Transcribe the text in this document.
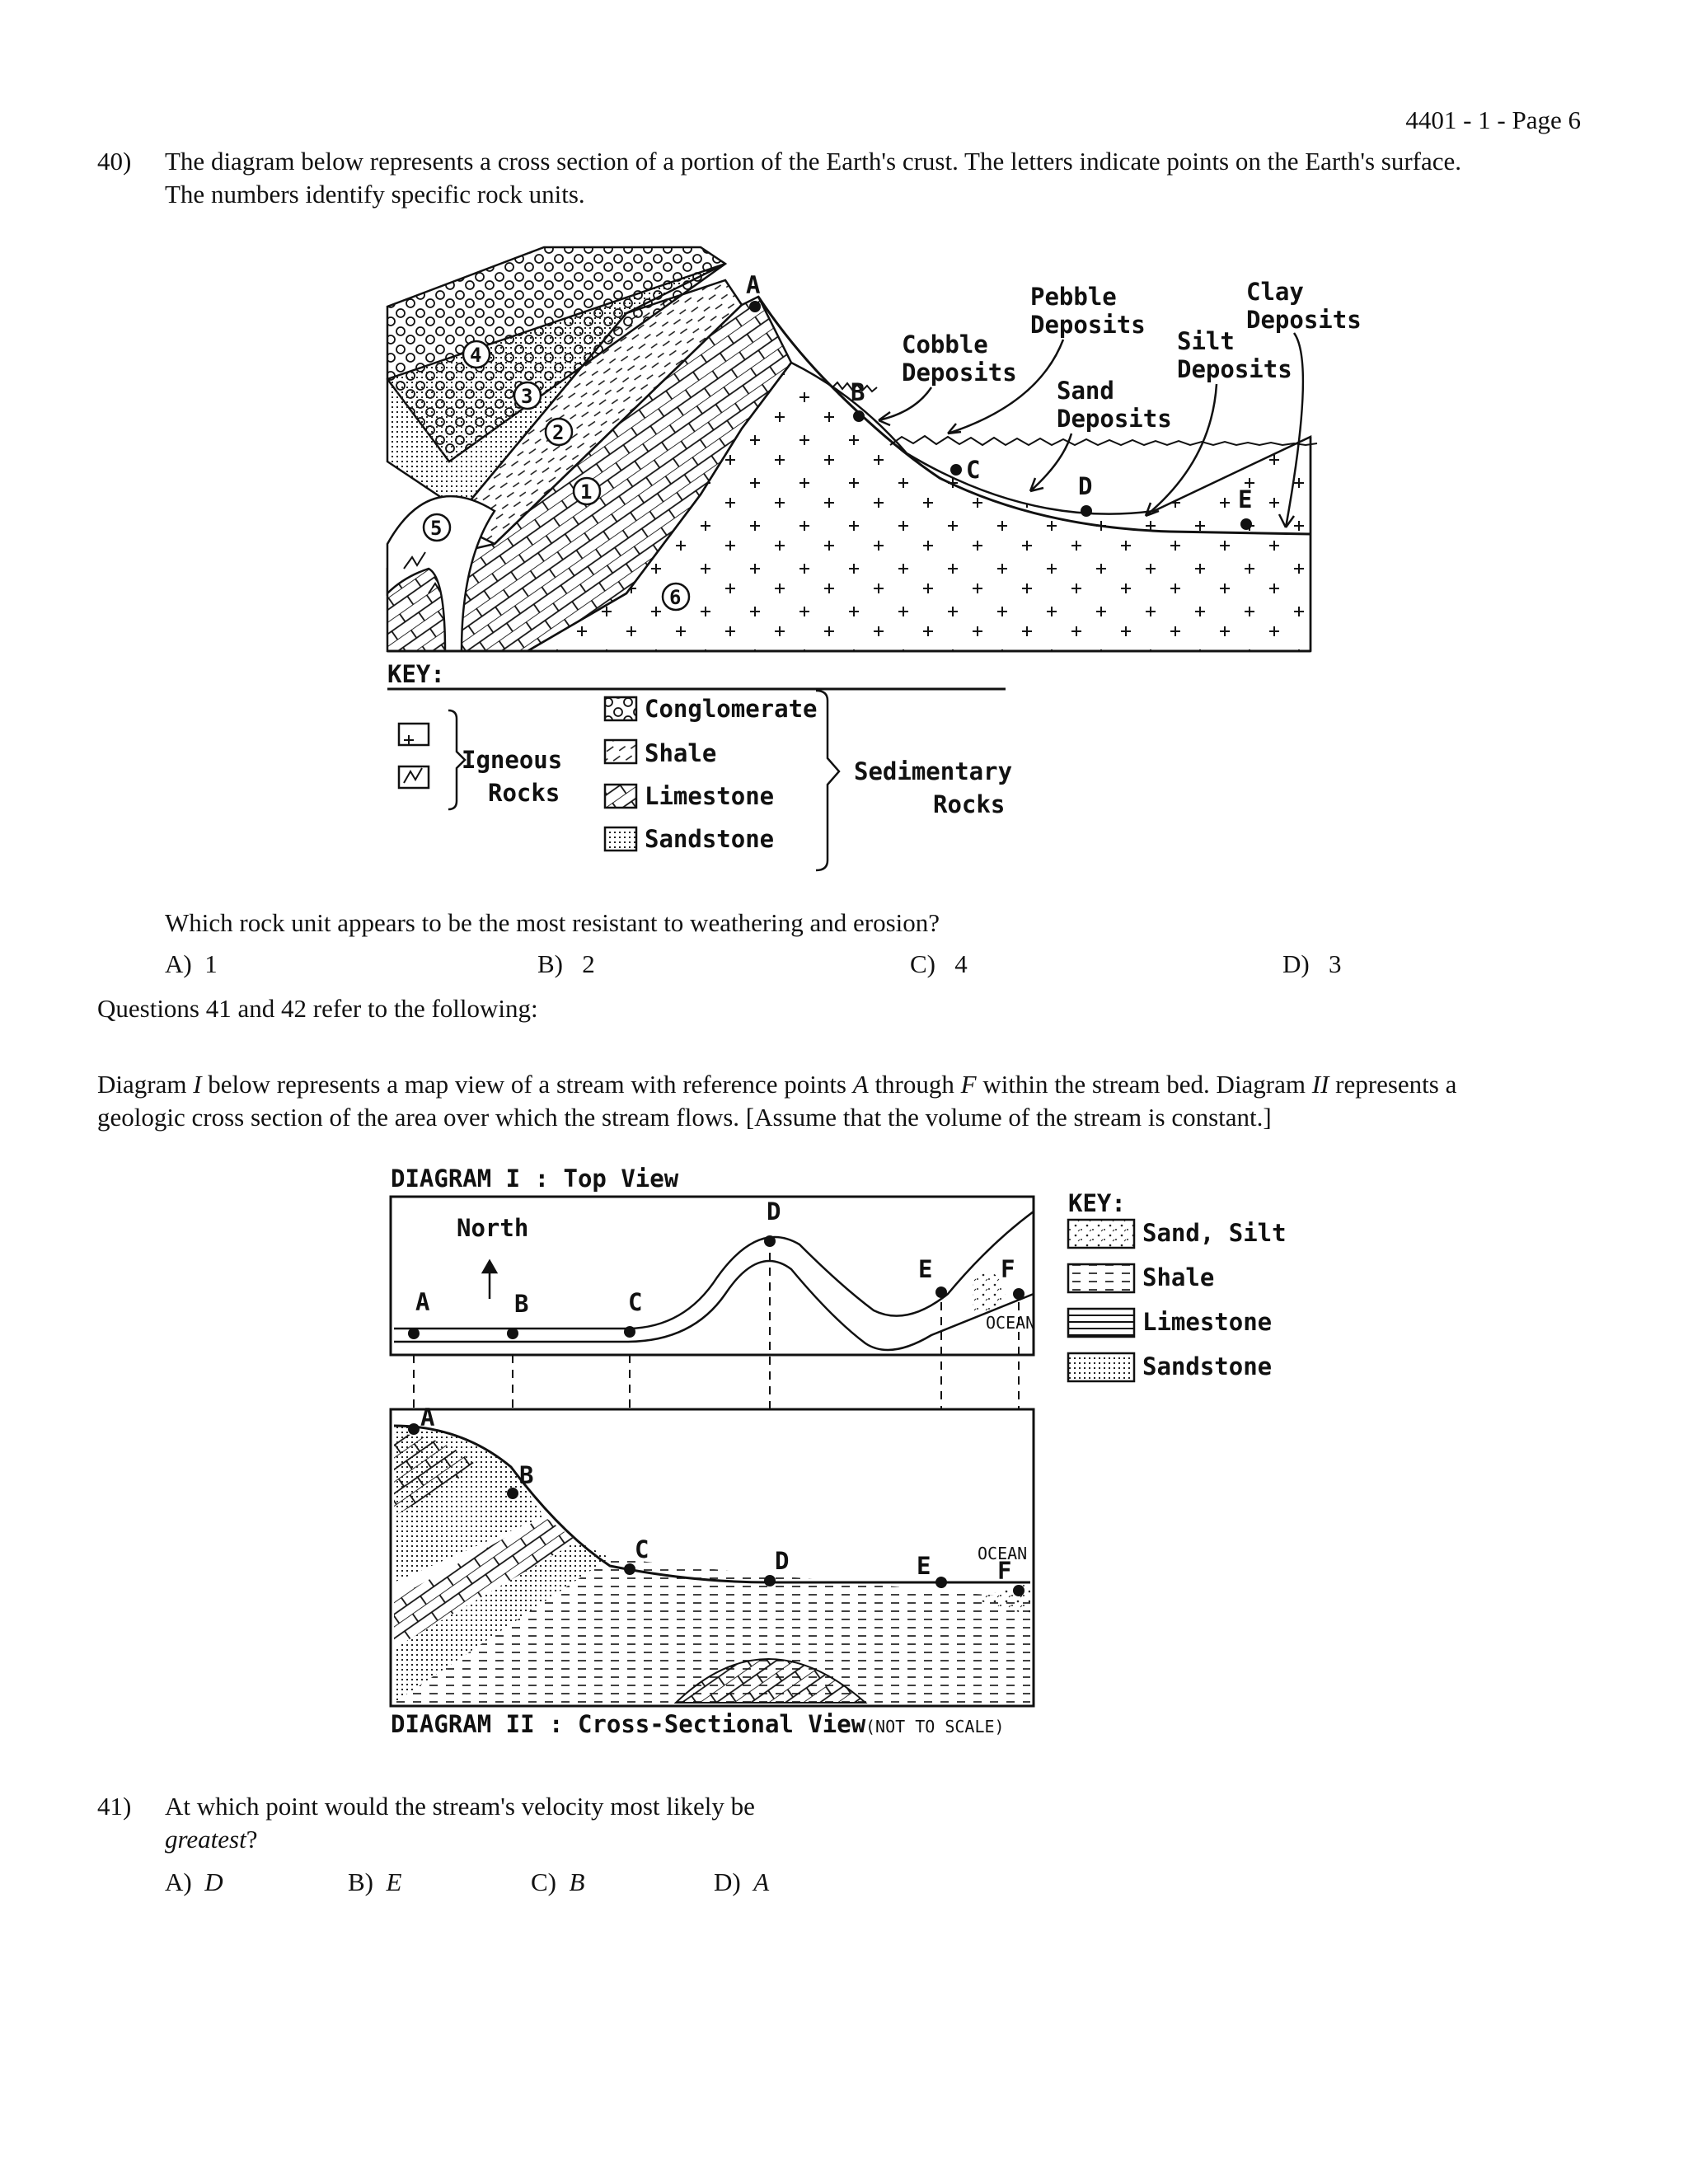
4401 - 1 - Page 6
40) The diagram below represents a cross section of a portion of the Earth's crust. The letters indicate points on the Earth's surface.
The numbers identify specific rock units.
A
B
C
D	E
1
2
3
4
5
6
Cobble
Deposits
Pebble
Deposits
Sand
Deposits
Silt
Deposits
Clay
Deposits
KEY:
Igneous
Rocks
Conglomerate
Shale
Limestone
Sandstone
Sedimentary
Rocks
Which rock unit appears to be the most resistant to weathering and erosion?
A) 1	B) 2	C) 4	D) 3
Questions 41 and 42 refer to the following:
Diagram I below represents a map view of a stream with reference points A through F within the stream bed. Diagram II represents a
geologic cross section of the area over which the stream flows. [Assume that the volume of the stream is constant.]
DIAGRAM I : Top View
North
OCEAN
A	B	C
D
E	F
OCEAN
A
B
C	D	E	F
DIAGRAM II : Cross-Sectional View (NOT TO SCALE)
KEY:
Sand, Silt
Shale
Limestone
Sandstone
41) At which point would the stream's velocity most likely be
greatest?
A) D	B) E	C) B	D) A
